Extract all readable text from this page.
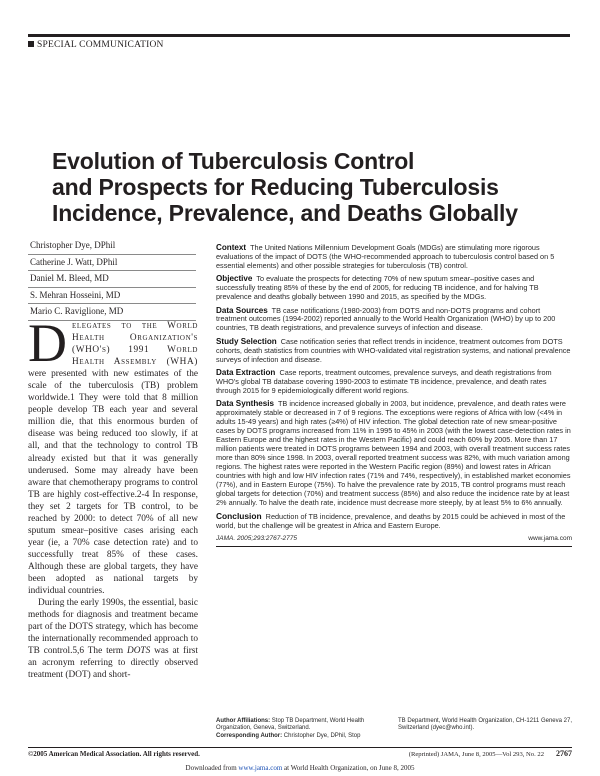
SPECIAL COMMUNICATION
Evolution of Tuberculosis Control
and Prospects for Reducing Tuberculosis
Incidence, Prevalence, and Deaths Globally
Christopher Dye, DPhil
Catherine J. Watt, DPhil
Daniel M. Bleed, MD
S. Mehran Hosseini, MD
Mario C. Raviglione, MD

Delegates to the World Health Organization's (WHO's) 1991 World Health Assembly (WHA) were presented with new estimates of the scale of the tuberculosis (TB) problem worldwide.1 They were told that 8 million people develop TB each year and several million die, that this enormous burden of disease was being reduced too slowly, if at all, and that the technology to control TB already existed but that it was generally underused. Some may already have been aware that chemotherapy programs to control TB are highly cost-effective.2-4 In response, they set 2 targets for TB control, to be reached by 2000: to detect 70% of all new sputum smear–positive cases arising each year (ie, a 70% case detection rate) and to successfully treat 85% of these cases. Although these are global targets, they have been adopted as national targets by individual countries.

During the early 1990s, the essential, basic methods for diagnosis and treatment became part of the DOTS strategy, which has become the internationally recommended approach to TB control.5,6 The term DOTS was at first an acronym referring to directly observed treatment (DOT) and short-

Context The United Nations Millennium Development Goals (MDGs) are stimulating more rigorous evaluations of the impact of DOTS (the WHO-recommended approach to tuberculosis control based on 5 essential elements) and other possible strategies for tuberculosis (TB) control.

Objective To evaluate the prospects for detecting 70% of new sputum smear–positive cases and successfully treating 85% of these by the end of 2005, for reducing TB incidence, and for halving TB prevalence and deaths globally between 1990 and 2015, as specified by the MDGs.

Data Sources TB case notifications (1980-2003) from DOTS and non-DOTS programs and cohort treatment outcomes (1994-2002) reported annually to the World Health Organization (WHO) by up to 200 countries, TB death registrations, and prevalence surveys of infection and disease.

Study Selection Case notification series that reflect trends in incidence, treatment outcomes from DOTS cohorts, death statistics from countries with WHO-validated vital registration systems, and national prevalence surveys of infection and disease.

Data Extraction Case reports, treatment outcomes, prevalence surveys, and death registrations from WHO's global TB database covering 1990-2003 to estimate TB incidence, prevalence, and death rates through 2015 for 9 epidemiologically different world regions.

Data Synthesis TB incidence increased globally in 2003, but incidence, prevalence, and death rates were approximately stable or decreased in 7 of 9 regions. The exceptions were regions of Africa with low (<4% in adults 15-49 years) and high rates (≥4%) of HIV infection. The global detection rate of new smear-positive cases by DOTS programs increased from 11% in 1995 to 45% in 2003 (with the lowest case-detection rates in Eastern Europe and the highest rates in the Western Pacific) and could reach 60% by 2005. More than 17 million patients were treated in DOTS programs between 1994 and 2003, with overall treatment success rates more than 80% since 1998. In 2003, overall reported treatment success was 82%, with much variation among regions. The highest rates were reported in the Western Pacific region (89%) and lowest rates in African countries with high and low HIV infection rates (71% and 74%, respectively), in established market economies (77%), and in Eastern Europe (75%). To halve the prevalence rate by 2015, TB control programs must reach global targets for detection (70%) and treatment success (85%) and also reduce the incidence rate by at least 2% annually. To halve the death rate, incidence must decrease more steeply, by at least 5% to 6% annually.

Conclusion Reduction of TB incidence, prevalence, and deaths by 2015 could be achieved in most of the world, but the challenge will be greatest in Africa and Eastern Europe.

JAMA. 2005;293:2767-2775	www.jama.com
Author Affiliations: Stop TB Department, World Health Organization, Geneva, Switzerland.
Corresponding Author: Christopher Dye, DPhil, Stop
TB Department, World Health Organization, CH-1211 Geneva 27, Switzerland (dyec@who.int).
©2005 American Medical Association. All rights reserved.	(Reprinted) JAMA, June 8, 2005—Vol 293, No. 22 2767
Downloaded from www.jama.com at World Health Organization, on June 8, 2005
